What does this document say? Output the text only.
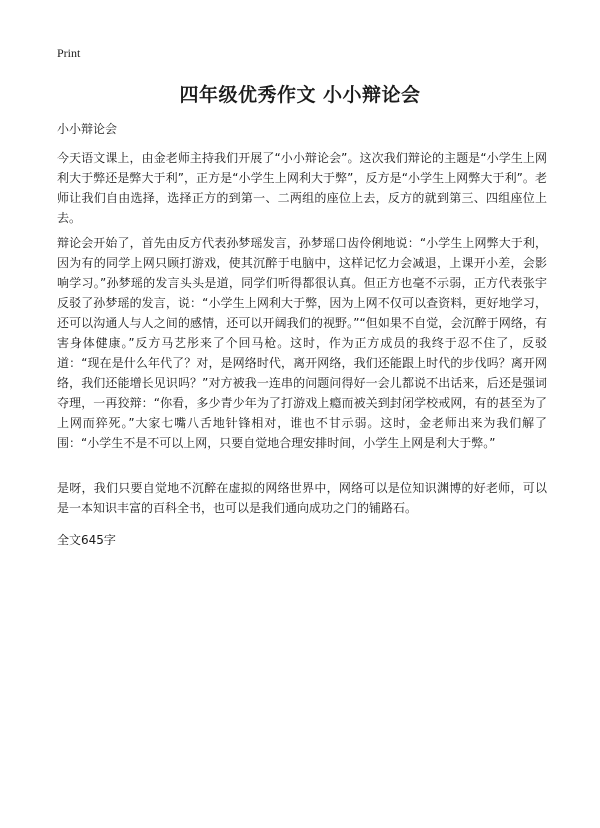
Print
四年级优秀作文 小小辩论会

小小辩论会

今天语文课上，由金老师主持我们开展了“小小辩论会”。这次我们辩论的主题是“小学生上网利大于弊还是弊大于利”，正方是“小学生上网利大于弊”，反方是“小学生上网弊大于利”。老师让我们自由选择，选择正方的到第一、二两组的座位上去，反方的就到第三、四组座位上去。

辩论会开始了，首先由反方代表孙梦瑶发言，孙梦瑶口齿伶俐地说：“小学生上网弊大于利，因为有的同学上网只顾打游戏，使其沉醉于电脑中，这样记忆力会减退，上课开小差，会影响学习。”孙梦瑶的发言头头是道，同学们听得都很认真。但正方也毫不示弱，正方代表张宇反驳了孙梦瑶的发言，说：“小学生上网利大于弊，因为上网不仅可以查资料，更好地学习，还可以沟通人与人之间的感情，还可以开阔我们的视野。”“但如果不自觉，会沉醉于网络，有害身体健康。”反方马艺彤来了个回马枪。这时，作为正方成员的我终于忍不住了，反驳道：“现在是什么年代了？对，是网络时代，离开网络，我们还能跟上时代的步伐吗？离开网络，我们还能增长见识吗？”对方被我一连串的问题问得好一会儿都说不出话来，后还是强词夺理，一再狡辩：“你看，多少青少年为了打游戏上瘾而被关到封闭学校戒网，有的甚至为了上网而猝死。”大家七嘴八舌地针锋相对，谁也不甘示弱。这时，金老师出来为我们解了围：“小学生不是不可以上网，只要自觉地合理安排时间，小学生上网是利大于弊。”

是呀，我们只要自觉地不沉醉在虚拟的网络世界中，网络可以是位知识渊博的好老师，可以是一本知识丰富的百科全书，也可以是我们通向成功之门的铺路石。

全文645字
